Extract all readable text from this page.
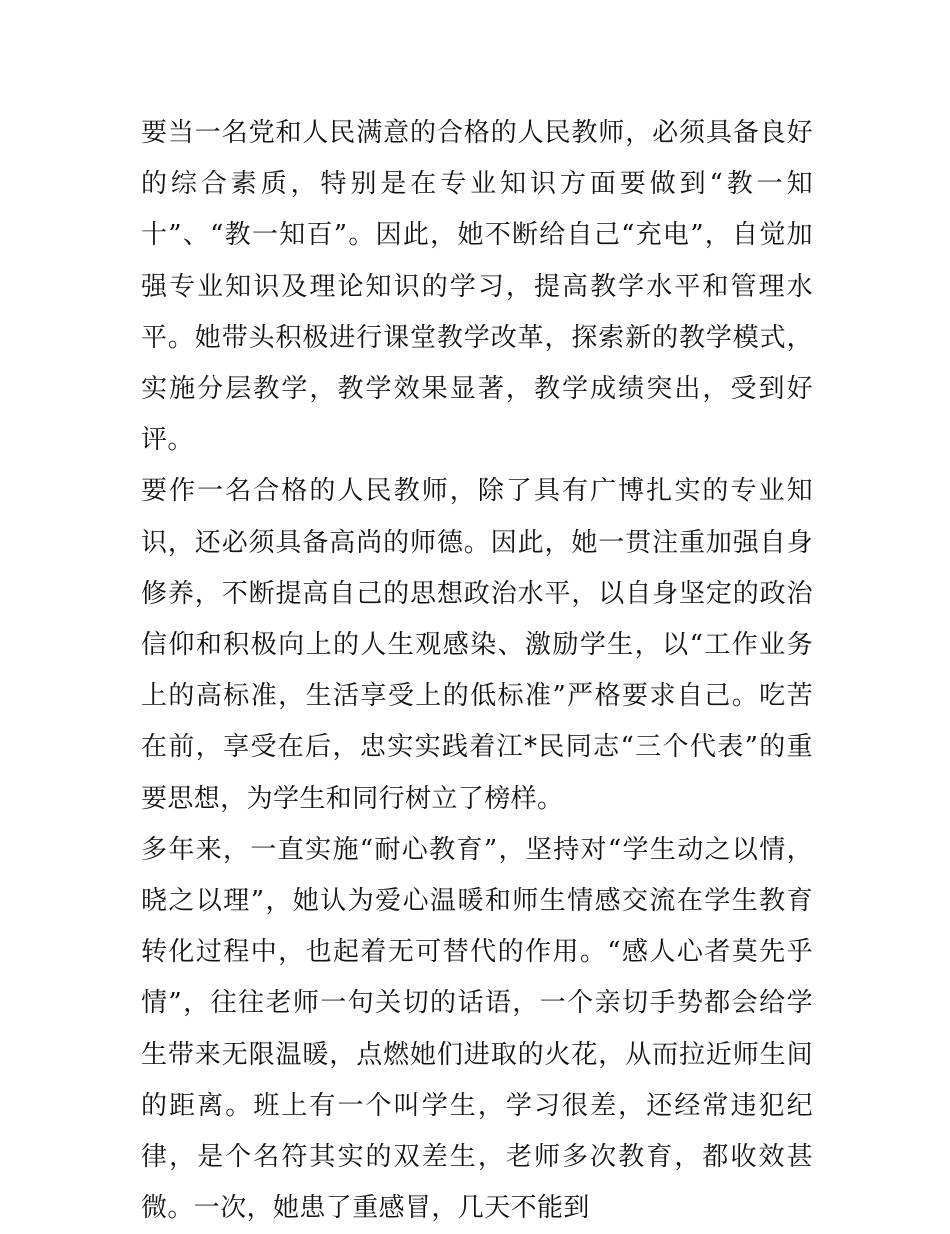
要当一名党和人民满意的合格的人民教师，必须具备良好的综合素质，特别是在专业知识方面要做到“教一知十”、“教一知百”。因此，她不断给自己“充电”，自觉加强专业知识及理论知识的学习，提高教学水平和管理水平。她带头积极进行课堂教学改革，探索新的教学模式，实施分层教学，教学效果显著，教学成绩突出，受到好评。

要作一名合格的人民教师，除了具有广博扎实的专业知识，还必须具备高尚的师德。因此，她一贯注重加强自身修养，不断提高自己的思想政治水平，以自身坚定的政治信仰和积极向上的人生观感染、激励学生，以“工作业务上的高标准，生活享受上的低标准”严格要求自己。吃苦在前，享受在后，忠实实践着江*民同志“三个代表”的重要思想，为学生和同行树立了榜样。

多年来，一直实施“耐心教育”，坚持对“学生动之以情，晓之以理”，她认为爱心温暖和师生情感交流在学生教育转化过程中，也起着无可替代的作用。“感人心者莫先乎情”，往往老师一句关切的话语，一个亲切手势都会给学生带来无限温暖，点燃她们进取的火花，从而拉近师生间的距离。班上有一个叫学生，学习很差，还经常违犯纪律，是个名符其实的双差生，老师多次教育，都收效甚微。一次，她患了重感冒，几天不能到
